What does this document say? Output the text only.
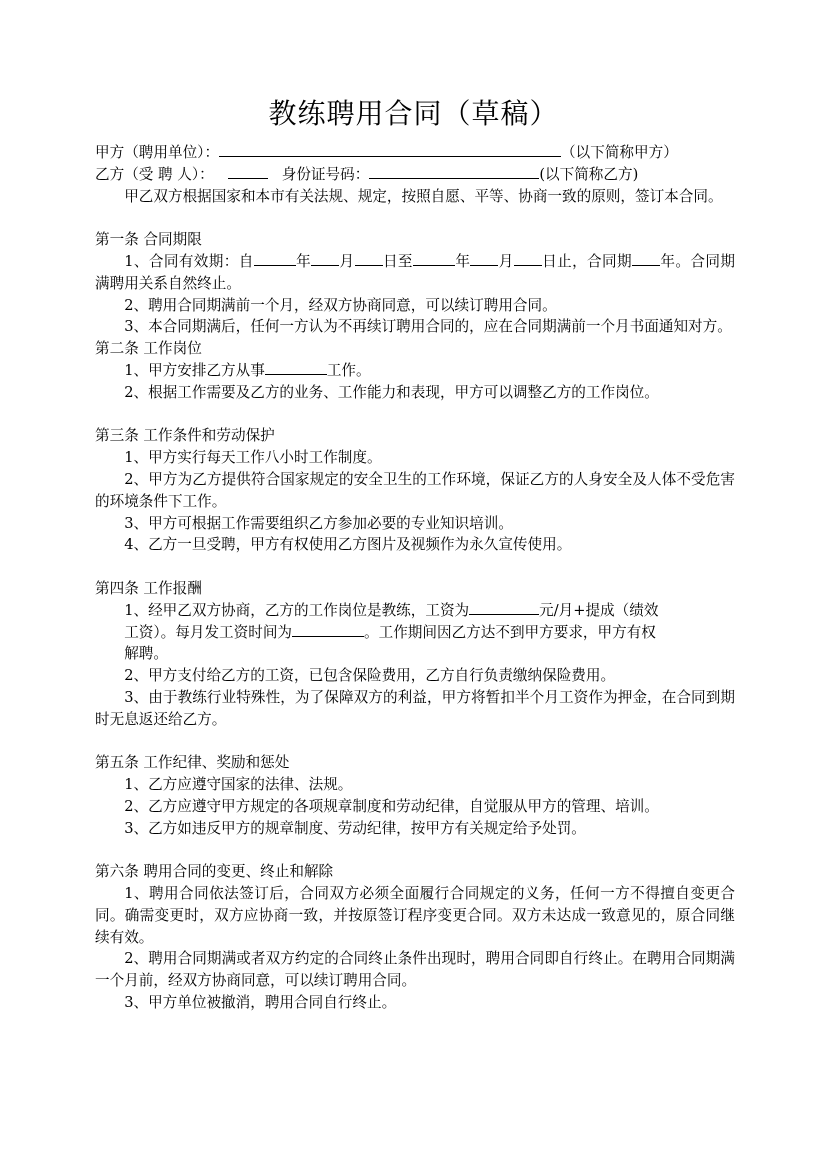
教练聘用合同（草稿）
甲方（聘用单位）：	（以下简称甲方）
乙方（受 聘 人）：	身份证号码：	(以下简称乙方)
甲乙双方根据国家和本市有关法规、规定，按照自愿、平等、协商一致的原则，签订本合同。
第一条 合同期限
1、合同有效期：自	年 月 日至	年 月 日止，合同期 年。合同期满聘用关系自然终止。
2、聘用合同期满前一个月，经双方协商同意，可以续订聘用合同。
3、本合同期满后，任何一方认为不再续订聘用合同的，应在合同期满前一个月书面通知对方。
第二条 工作岗位
1、甲方安排乙方从事	工作。
2、根据工作需要及乙方的业务、工作能力和表现，甲方可以调整乙方的工作岗位。
第三条 工作条件和劳动保护
1、甲方实行每天工作八小时工作制度。
2、甲方为乙方提供符合国家规定的安全卫生的工作环境，保证乙方的人身安全及人体不受危害的环境条件下工作。
3、甲方可根据工作需要组织乙方参加必要的专业知识培训。
4、乙方一旦受聘，甲方有权使用乙方图片及视频作为永久宣传使用。
第四条 工作报酬
1、经甲乙双方协商，乙方的工作岗位是教练，工资为	元/月+提成（绩效
工资）。每月发工资时间为	。工作期间因乙方达不到甲方要求，甲方有权
解聘。
2、甲方支付给乙方的工资，已包含保险费用，乙方自行负责缴纳保险费用。
3、由于教练行业特殊性，为了保障双方的利益，甲方将暂扣半个月工资作为押金，在合同到期时无息返还给乙方。
第五条 工作纪律、奖励和惩处
1、乙方应遵守国家的法律、法规。
2、乙方应遵守甲方规定的各项规章制度和劳动纪律，自觉服从甲方的管理、培训。
3、乙方如违反甲方的规章制度、劳动纪律，按甲方有关规定给予处罚。
第六条 聘用合同的变更、终止和解除
1、聘用合同依法签订后，合同双方必须全面履行合同规定的义务，任何一方不得擅自变更合同。确需变更时，双方应协商一致，并按原签订程序变更合同。双方未达成一致意见的，原合同继续有效。
2、聘用合同期满或者双方约定的合同终止条件出现时，聘用合同即自行终止。在聘用合同期满一个月前，经双方协商同意，可以续订聘用合同。
3、甲方单位被撤消，聘用合同自行终止。
